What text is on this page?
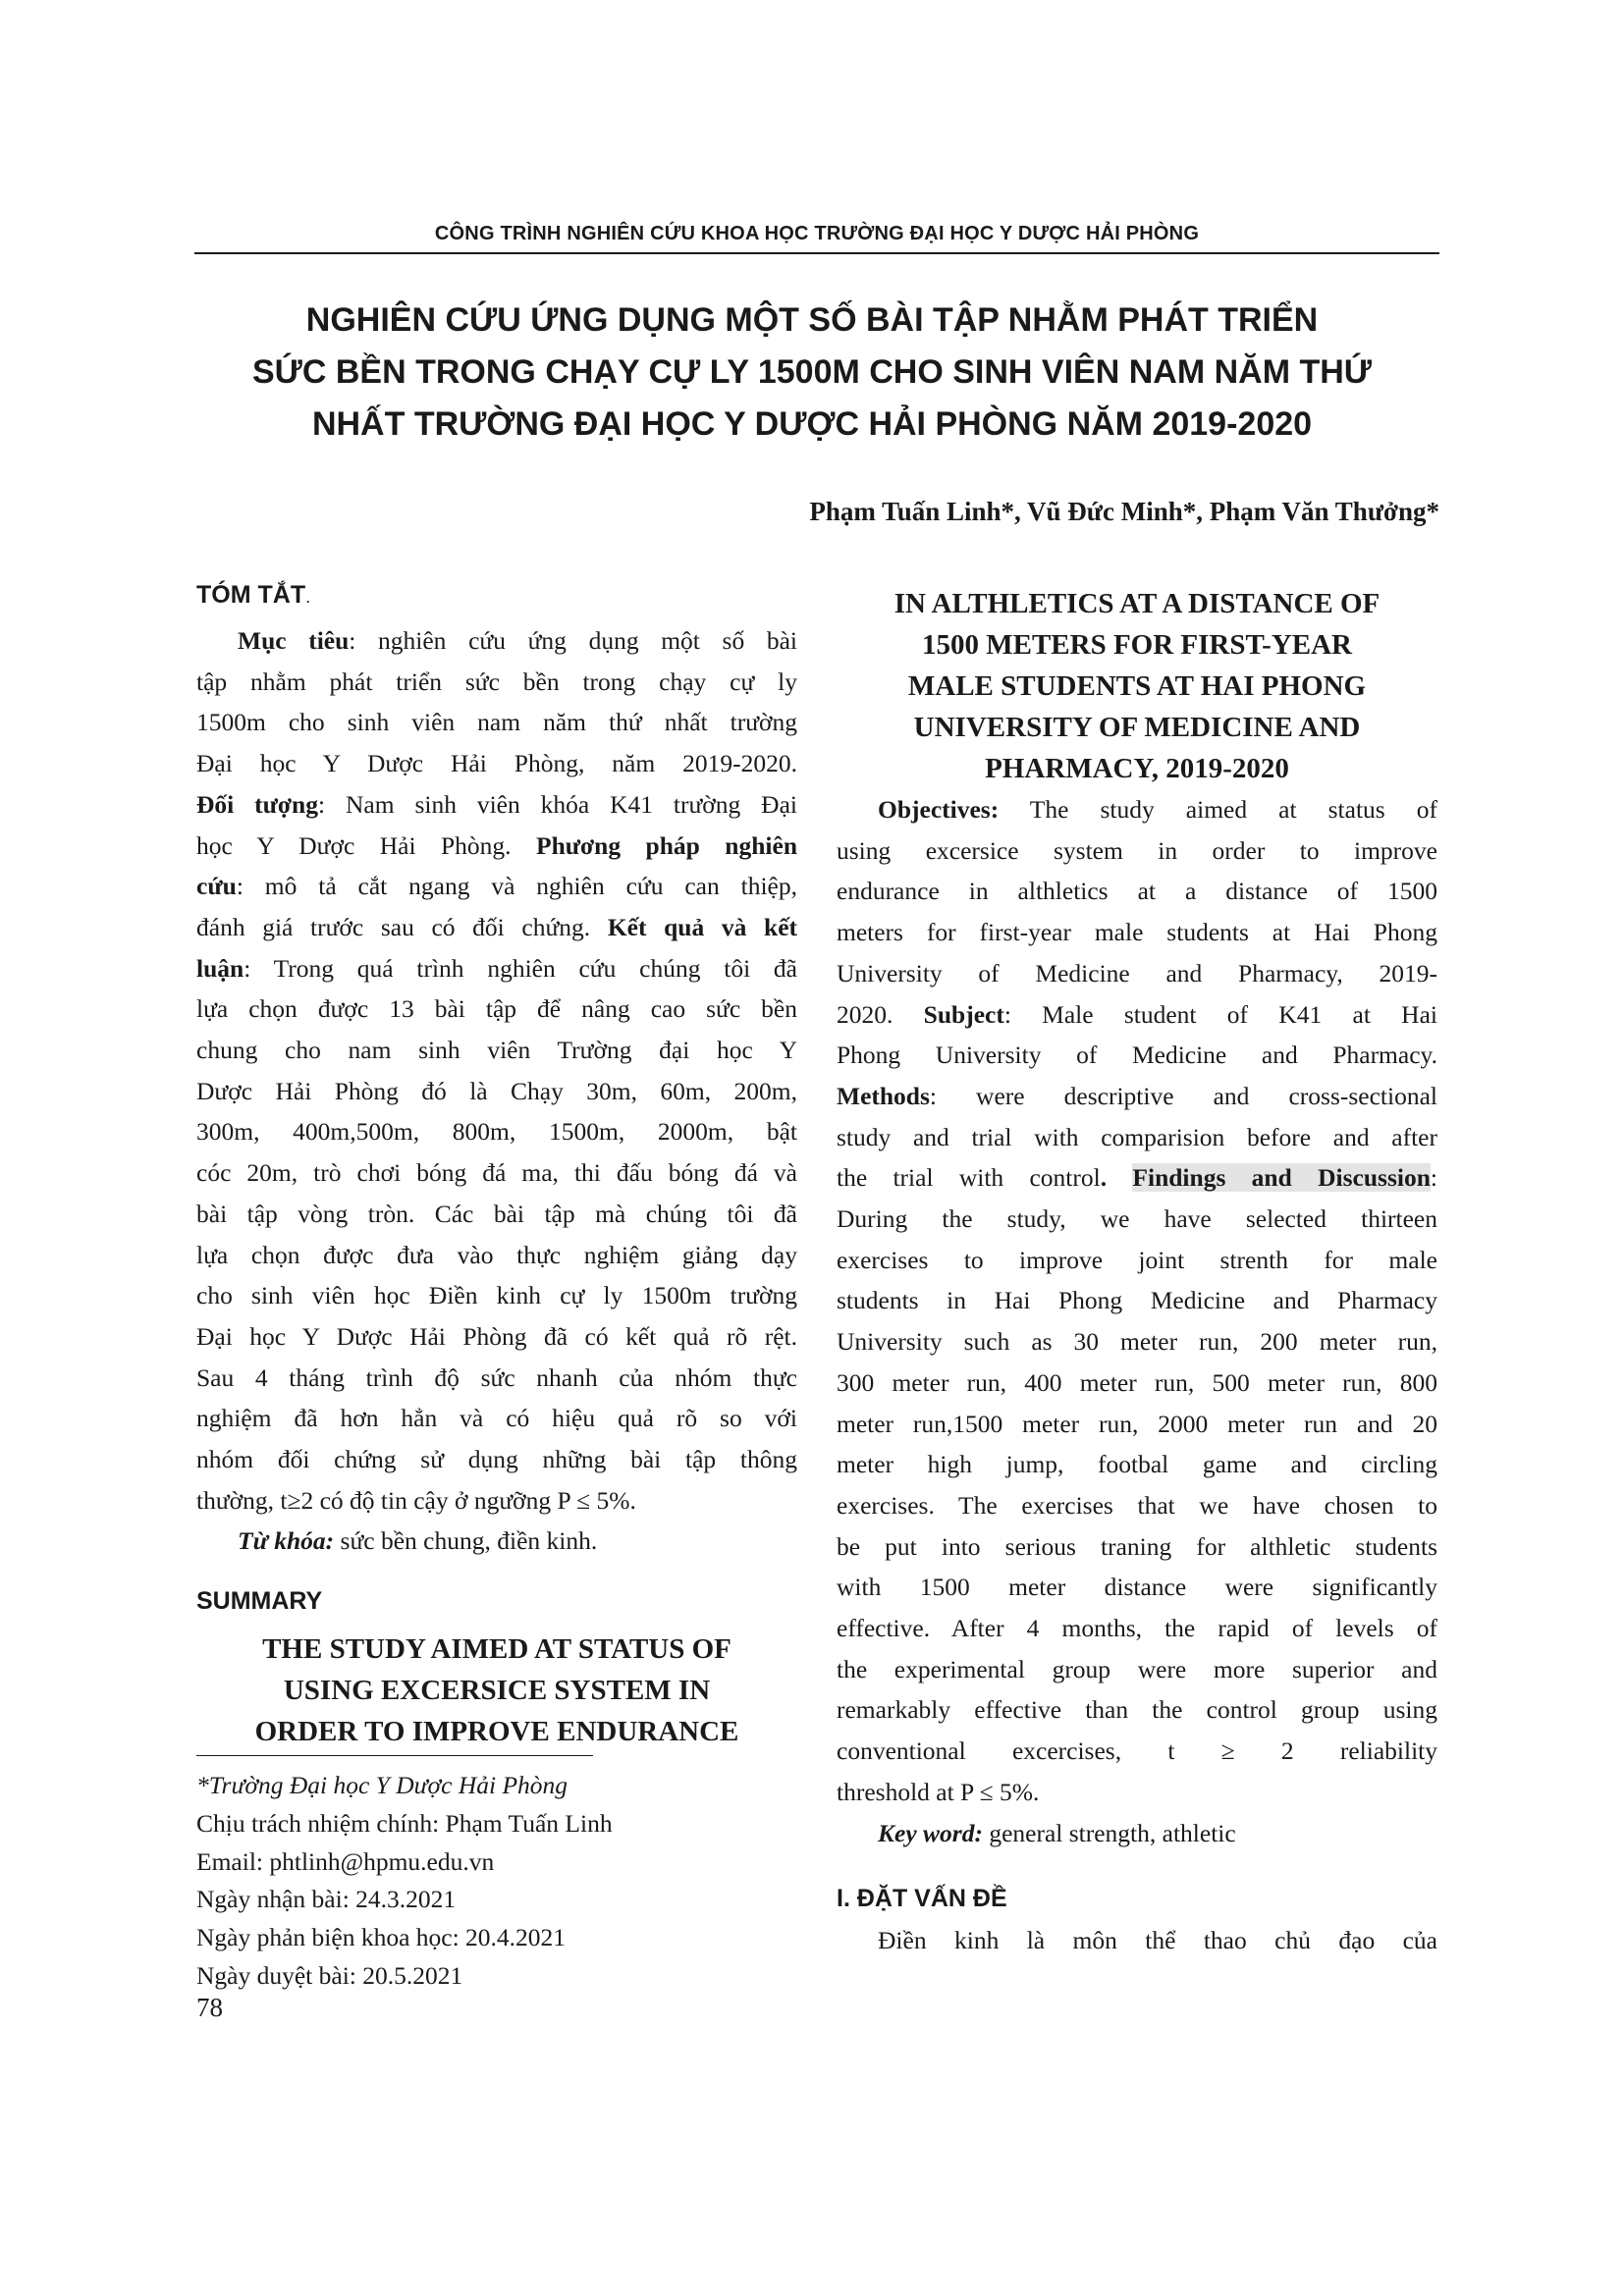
CÔNG TRÌNH NGHIÊN CỨU KHOA HỌC TRƯỜNG ĐẠI HỌC Y DƯỢC HẢI PHÒNG
NGHIÊN CỨU ỨNG DỤNG MỘT SỐ BÀI TẬP NHẰM PHÁT TRIỂN
SỨC BỀN TRONG CHẠY CỰ LY 1500M CHO SINH VIÊN NAM NĂM THỨ
NHẤT TRƯỜNG ĐẠI HỌC Y DƯỢC HẢI PHÒNG NĂM 2019-2020
Phạm Tuấn Linh*, Vũ Đức Minh*, Phạm Văn Thưởng*
TÓM TẮT.
Mục tiêu: nghiên cứu ứng dụng một số bài
tập nhằm phát triển sức bền trong chạy cự ly
1500m cho sinh viên nam năm thứ nhất trường
Đại học Y Dược Hải Phòng, năm 2019-2020.
Đối tượng: Nam sinh viên khóa K41 trường Đại
học Y Dược Hải Phòng. Phương pháp nghiên
cứu: mô tả cắt ngang và nghiên cứu can thiệp,
đánh giá trước sau có đối chứng. Kết quả và kết
luận: Trong quá trình nghiên cứu chúng tôi đã
lựa chọn được 13 bài tập để nâng cao sức bền
chung cho nam sinh viên Trường đại học Y
Dược Hải Phòng đó là Chạy 30m, 60m, 200m,
300m, 400m,500m, 800m, 1500m, 2000m, bật
cóc 20m, trò chơi bóng đá ma, thi đấu bóng đá và
bài tập vòng tròn. Các bài tập mà chúng tôi đã
lựa chọn được đưa vào thực nghiệm giảng dạy
cho sinh viên học Điền kinh cự ly 1500m trường
Đại học Y Dược Hải Phòng đã có kết quả rõ rệt.
Sau 4 tháng trình độ sức nhanh của nhóm thực
nghiệm đã hơn hẳn và có hiệu quả rõ so với
nhóm đối chứng sử dụng những bài tập thông
thường, t≥2 có độ tin cậy ở ngưỡng P ≤ 5%.
Từ khóa: sức bền chung, điền kinh.
SUMMARY
THE STUDY AIMED AT STATUS OF
USING EXCERSICE SYSTEM IN
ORDER TO IMPROVE ENDURANCE
IN ALTHLETICS AT A DISTANCE OF
1500 METERS FOR FIRST-YEAR
MALE STUDENTS AT HAI PHONG
UNIVERSITY OF MEDICINE AND
PHARMACY, 2019-2020
Objectives: The study aimed at status of
using excersice system in order to improve
endurance in althletics at a distance of 1500
meters for first-year male students at Hai Phong
University of Medicine and Pharmacy, 2019-
2020. Subject: Male student of K41 at Hai
Phong University of Medicine and Pharmacy.
Methods: were descriptive and cross-sectional
study and trial with comparision before and after
the trial with control. Findings and Discussion:
During the study, we have selected thirteen
exercises to improve joint strenth for male
students in Hai Phong Medicine and Pharmacy
University such as 30 meter run, 200 meter run,
300 meter run, 400 meter run, 500 meter run, 800
meter run,1500 meter run, 2000 meter run and 20
meter high jump, footbal game and circling
exercises. The exercises that we have chosen to
be put into serious traning for althletic students
with 1500 meter distance were significantly
effective. After 4 months, the rapid of levels of
the experimental group were more superior and
remarkably effective than the control group using
conventional excercises, t ≥ 2 reliability
threshold at P ≤ 5%.
Key word: general strength, athletic
I. ĐẶT VẤN ĐỀ
Điền kinh là môn thể thao chủ đạo của
*Trường Đại học Y Dược Hải Phòng
Chịu trách nhiệm chính: Phạm Tuấn Linh
Email: phtlinh@hpmu.edu.vn
Ngày nhận bài: 24.3.2021
Ngày phản biện khoa học: 20.4.2021
Ngày duyệt bài: 20.5.2021
78
